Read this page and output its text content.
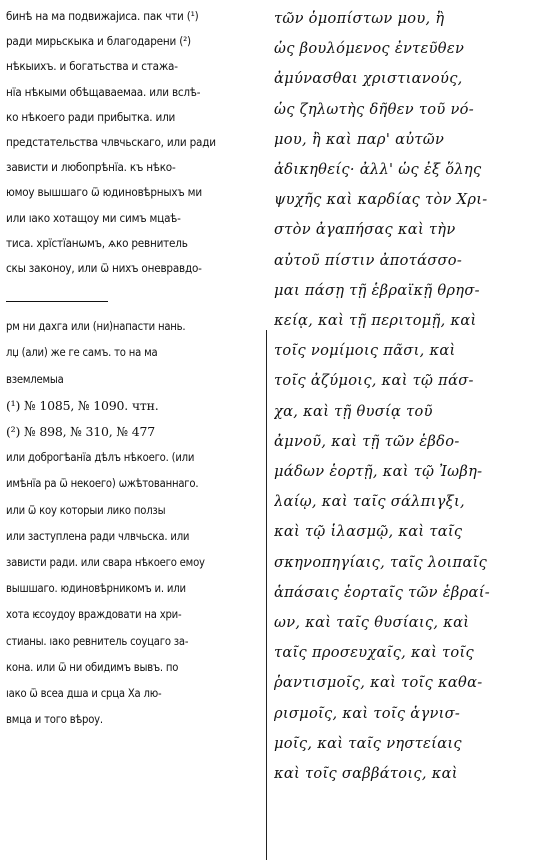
бинѣ на ма подвижајиса. пак чти (¹)
ради мирьскыка и благодарени (²)
нѣкыихъ. и богатьства и стажа-
нїа нѣкыми обѣщаваемаа. или вслѣ-
ко нѣкоего ради прибытка. или
предстательства члвчьскаго, или ради
зависти и любопрѣнїа. къ нѣко-
юмоу вышшаго ѿ юдиновѣрныхъ ми
или ıако хотащоу ми симъ мцаѣ-
тиса. хрїстїанѡмъ, ѧко ревнитель
скы законоу, или ѿ нихъ оневравдо-
рм ни дахга или (ни)напасти нань.
лџ (али) же ге самъ. то на ма
вземлемыа
(¹) № 1085, № 1090. чтн.
(²) № 898, № 310, № 477
или доброгѣанїа дѣлъ нѣкоего. (или
имѣнїа ра ѿ некоего) ѡжѣтованнаго.
или ѿ коу которыи лико ползы
или заступлена ради члвчьска. или
зависти ради. или свара нѣкоего емоу
вышшаго. юдиновѣрникомъ и. или
хота ѥсоудоу враждовати на хри-
стианы. ıако ревнитель соуцаго за-
кона. или ѿ ни обидимъ вывъ. по
ıако ѿ всеа дша и срца Ха лю-
вмца и того вѣроу.
τῶν ὁμοπίστων μου, ἢ
ὡς βουλόμενος ἐντεῦθεν
ἀμύνασθαι χριστιανούς,
ὡς ζηλωτὴς δῆθεν τοῦ νό-
μου, ἢ καὶ παρ' αὐτῶν
ἀδικηθείς· ἀλλ' ὡς ἐξ ὅλης
ψυχῆς καὶ καρδίας τὸν Χρι-
στὸν ἀγαπήσας καὶ τὴν
αὐτοῦ πίστιν ἀποτάσσο-
μαι πάσῃ τῇ ἑβραϊκῇ θρησ-
κείᾳ, καὶ τῇ περιτομῇ, καὶ
τοῖς νομίμοις πᾶσι, καὶ
τοῖς ἀζύμοις, καὶ τῷ πάσ-
χα, καὶ τῇ θυσίᾳ τοῦ
ἀμνοῦ, καὶ τῇ τῶν ἑβδο-
μάδων ἑορτῇ, καὶ τῷ Ἰωβη-
λαίῳ, καὶ ταῖς σάλπιγξι,
καὶ τῷ ἱλασμῷ, καὶ ταῖς
σκηνοπηγίαις, ταῖς λοιπαῖς
ἁπάσαις ἑορταῖς τῶν ἑβραί-
ων, καὶ ταῖς θυσίαις, καὶ
ταῖς προσευχαῖς, καὶ τοῖς
ῥαντισμοῖς, καὶ τοῖς καθα-
ρισμοῖς, καὶ τοῖς ἁγνισ-
μοῖς, καὶ ταῖς νηστείαις
καὶ τοῖς σαββάτοις, καὶ
